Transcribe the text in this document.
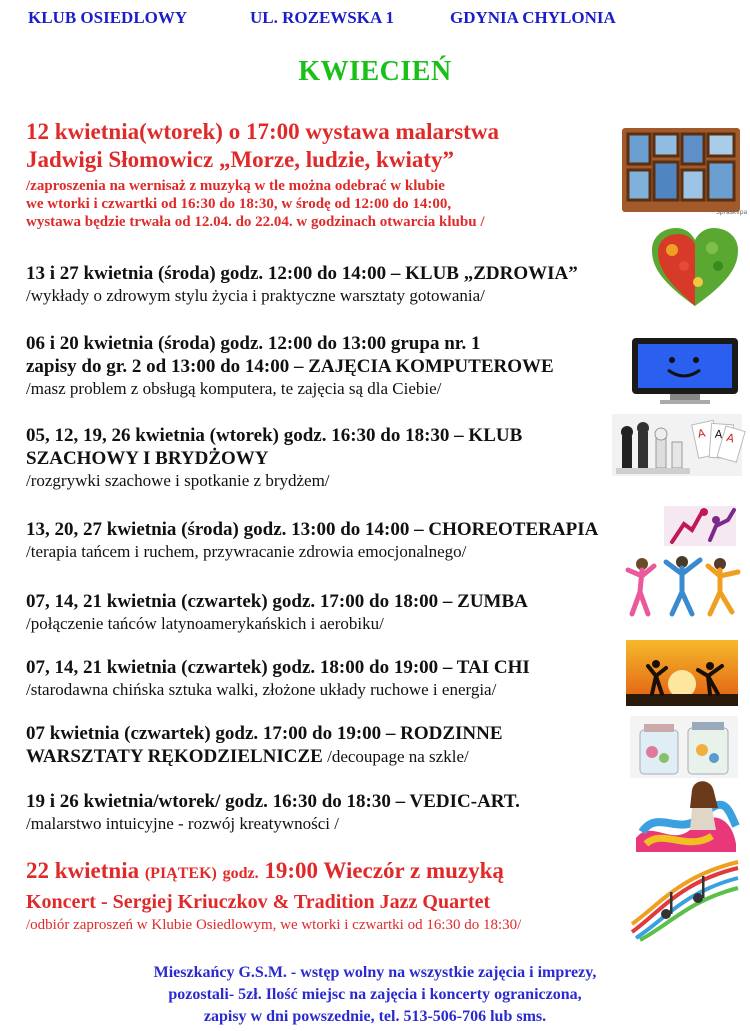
KLUB OSIEDLOWY	UL. ROZEWSKA 1	GDYNIA CHYLONIA
KWIECIEŃ
12 kwietnia(wtorek) o 17:00 wystawa malarstwa
Jadwigi Słomowicz „Morze, ludzie, kwiaty”
/zaproszenia na wernisaż z muzyką w tle można odebrać w klubie
we wtorki i czwartki od 16:30 do 18:30, w środę od 12:00 do 14:00,
wystawa będzie trwała od 12.04. do 22.04. w godzinach otwarcia klubu /
Sprasklipa
13 i 27 kwietnia (środa) godz. 12:00 do 14:00 – KLUB „ZDROWIA”
/wykłady o zdrowym stylu życia i praktyczne warsztaty gotowania/
06 i 20 kwietnia (środa) godz. 12:00 do 13:00 grupa nr. 1
zapisy do gr. 2 od 13:00 do 14:00 – ZAJĘCIA KOMPUTEROWE
/masz problem z obsługą komputera, te zajęcia są dla Ciebie/
05, 12, 19, 26 kwietnia (wtorek) godz. 16:30 do 18:30 – KLUB
SZACHOWY I BRYDŻOWY
/rozgrywki szachowe i spotkanie z brydżem/
A A A
13, 20, 27 kwietnia (środa) godz. 13:00 do 14:00 – CHOREOTERAPIA
/terapia tańcem i ruchem, przywracanie zdrowia emocjonalnego/
07, 14, 21 kwietnia (czwartek) godz. 17:00 do 18:00 – ZUMBA
/połączenie tańców latynoamerykańskich i aerobiku/
07, 14, 21 kwietnia (czwartek) godz. 18:00 do 19:00 – TAI CHI
/starodawna chińska sztuka walki, złożone układy ruchowe i energia/
07 kwietnia (czwartek) godz. 17:00 do 19:00 – RODZINNE
WARSZTATY RĘKODZIELNICZE /decoupage na szkle/
19 i 26 kwietnia/wtorek/ godz. 16:30 do 18:30 – VEDIC-ART.
/malarstwo intuicyjne - rozwój kreatywności /
22 kwietnia (PIĄTEK) godz. 19:00 Wieczór z muzyką
Koncert - Sergiej Kriuczkov & Tradition Jazz Quartet
/odbiór zaproszeń w Klubie Osiedlowym, we wtorki i czwartki od 16:30 do 18:30/
Mieszkańcy G.S.M. - wstęp wolny na wszystkie zajęcia i imprezy,
pozostali- 5zł. Ilość miejsc na zajęcia i koncerty ograniczona,
zapisy w dni powszednie, tel. 513-506-706 lub sms.
